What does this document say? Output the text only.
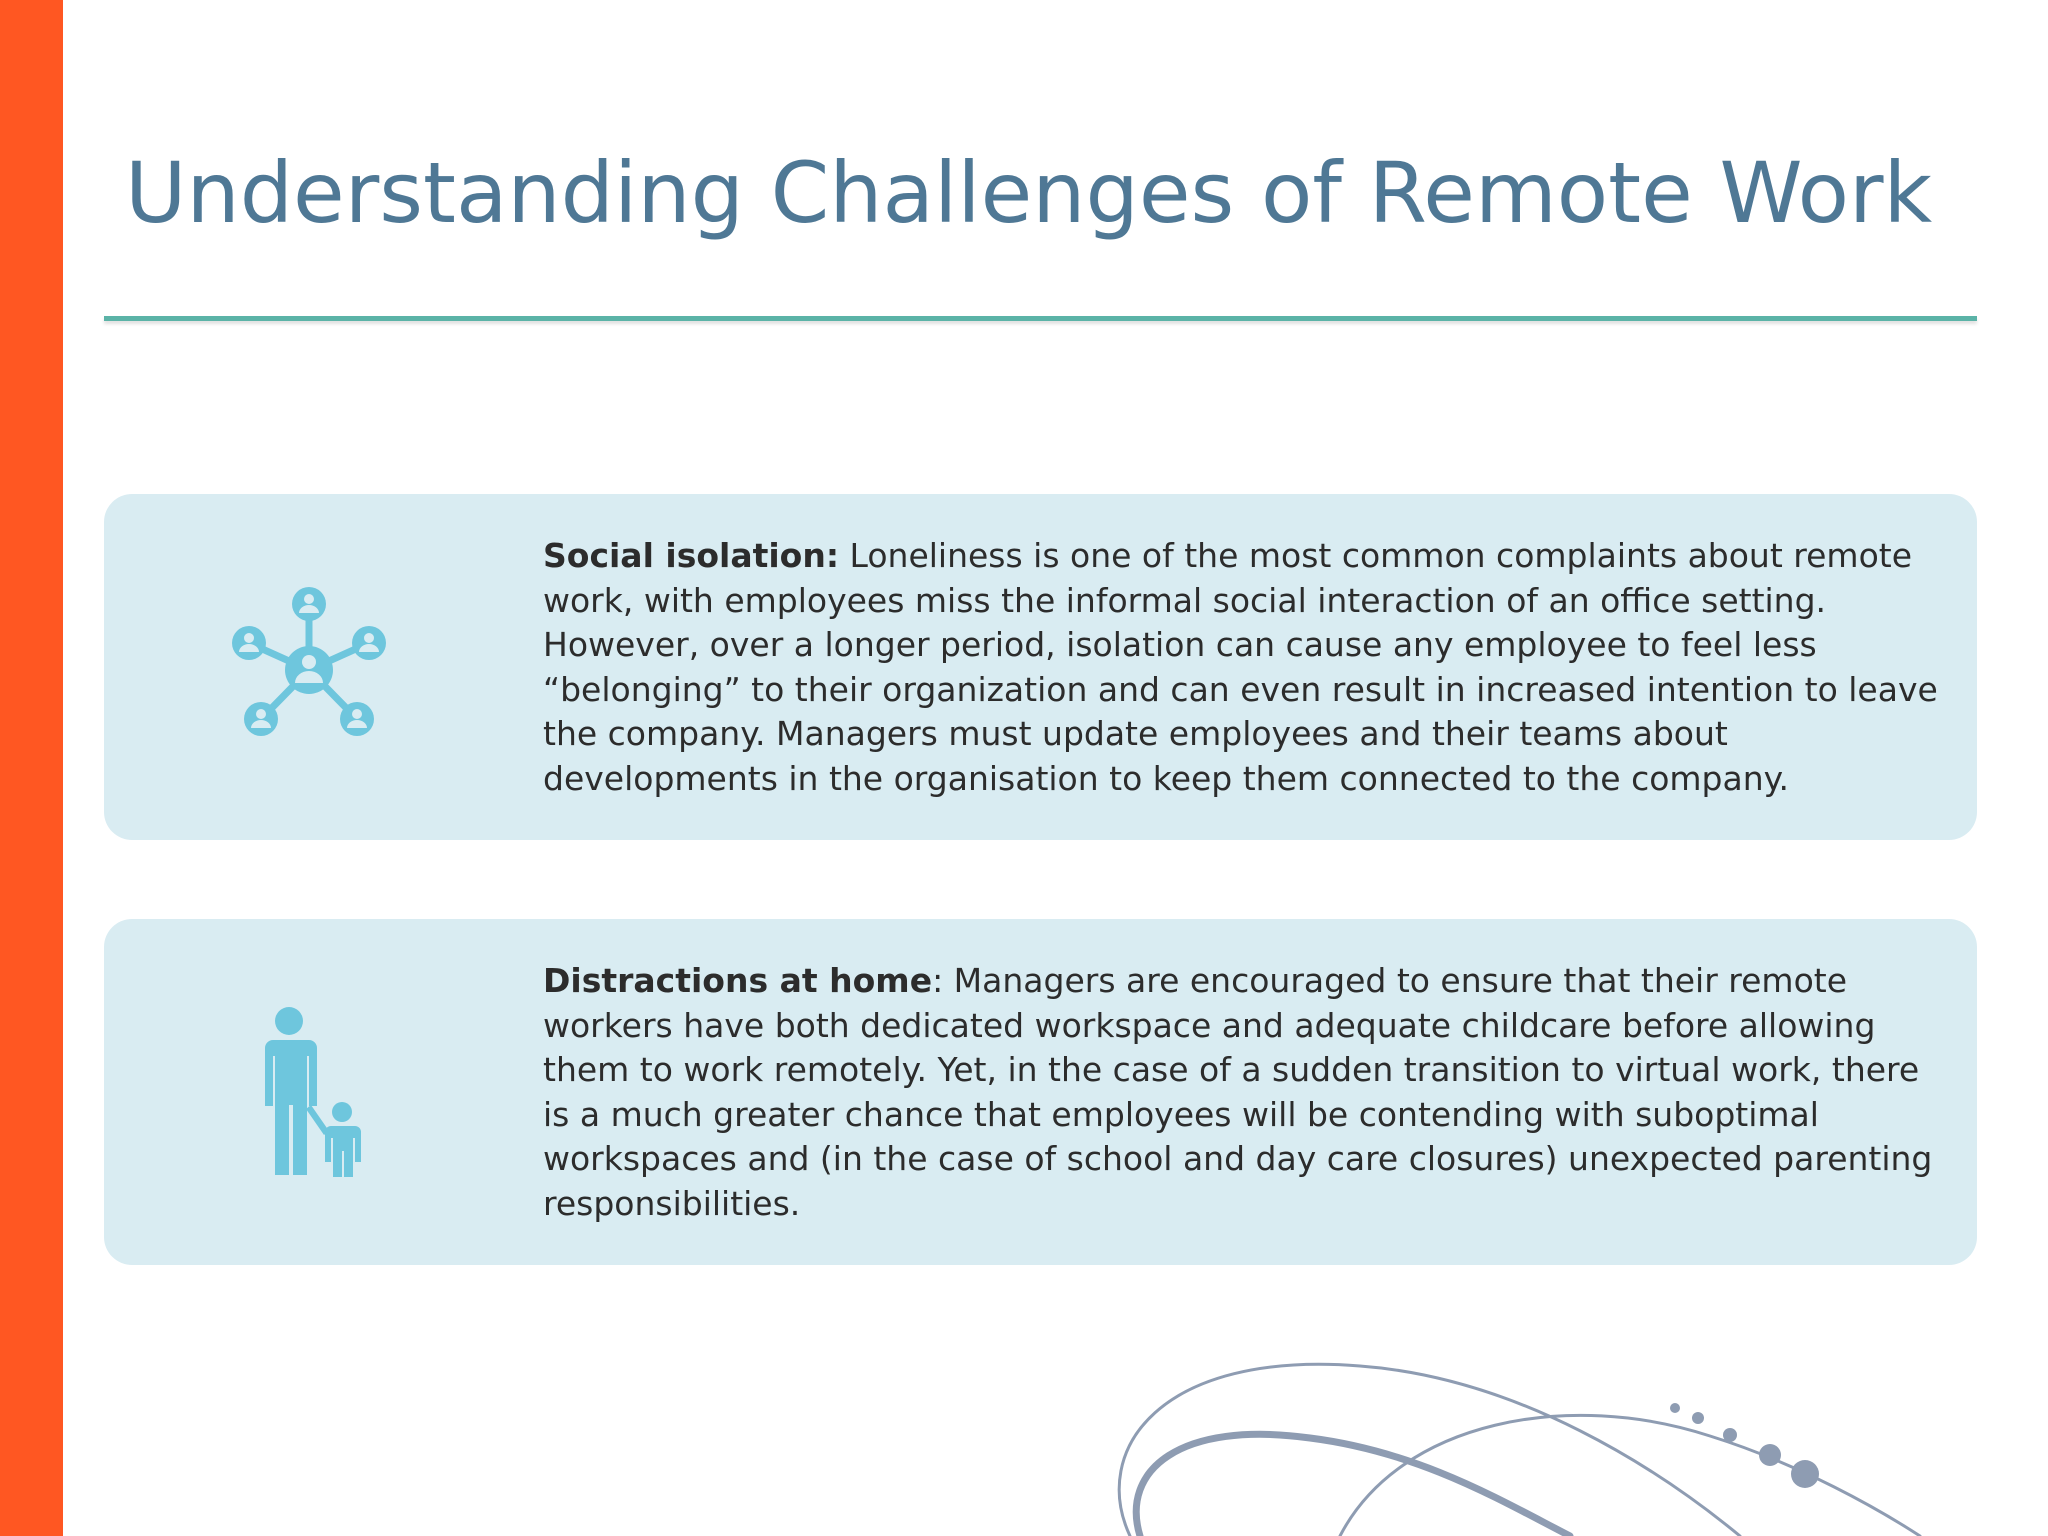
Understanding Challenges of Remote Work

Social isolation: Loneliness is one of the most common complaints about remote work, with employees miss the informal social interaction of an office setting. However, over a longer period, isolation can cause any employee to feel less “belonging” to their organization and can even result in increased intention to leave the company. Managers must update employees and their teams about developments in the organisation to keep them connected to the company.

Distractions at home: Managers are encouraged to ensure that their remote workers have both dedicated workspace and adequate childcare before allowing them to work remotely. Yet, in the case of a sudden transition to virtual work, there is a much greater chance that employees will be contending with suboptimal workspaces and (in the case of school and day care closures) unexpected parenting responsibilities.
